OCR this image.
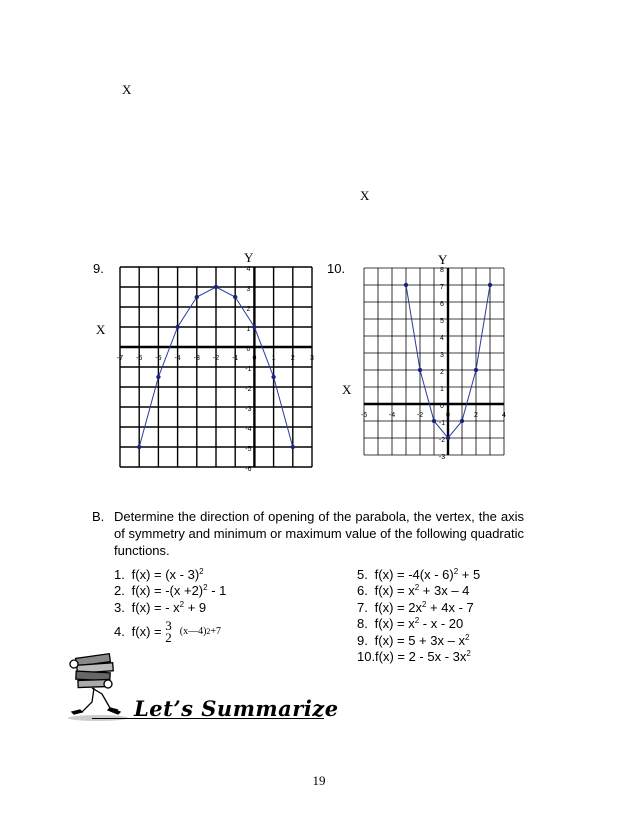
X
X
9.
Y
X
-7 -6 -5 -4 -3 -2 -1 0 1 2 3
4
3
2
1
0
-1
-2
-3
-4
-5
-6
10.
Y
X
-6	-4	-2	0	2	4
8
7
6
5
4
3
2
1
0
-1
-2
-3
B. Determine the direction of opening of the parabola, the vertex, the axis of symmetry and minimum or maximum value of the following quadratic functions.
1. f(x) = (x - 3)$^2$
2. $f(x) = -(x +2)^2 - 1$
3. f(x) = - $x^2 + 9$
4.
f(x) =
3
2 (x—4) 2 +7
5. f(x) = -4(x - 6)$^2$ + 5
6. $f(x) = x^2 + 3x - 4$
7. $f(x) = 2x^2 + 4x - 7$
8. $f(x) = x^2 - x - 20$
9. $f(x) = 5 + 3x - x^2$
$10.f(x) = 2 - 5x - 3x^2$
Let’s Summarize
19
